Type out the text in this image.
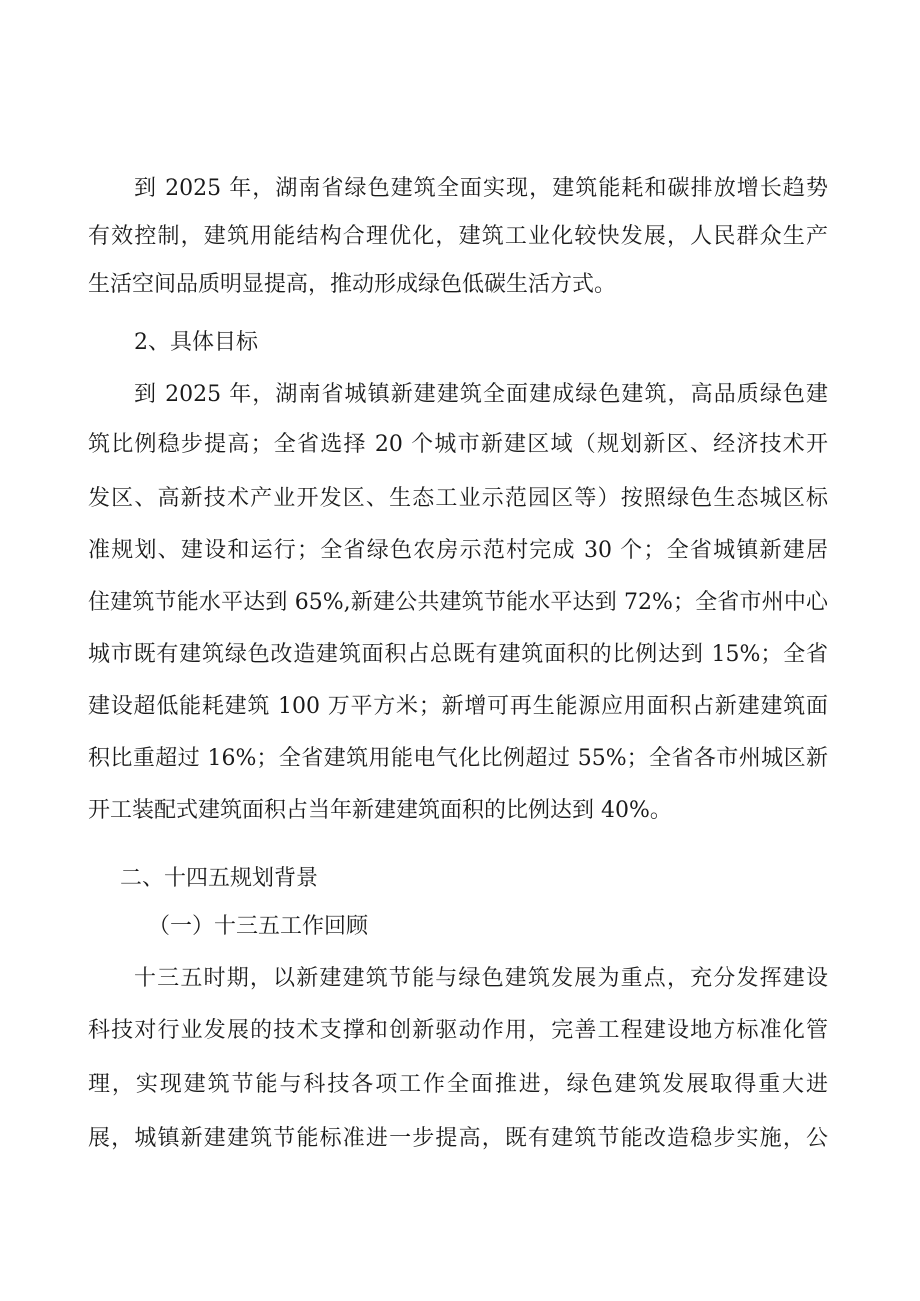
到 2025 年，湖南省绿色建筑全面实现，建筑能耗和碳排放增长趋势
有效控制，建筑用能结构合理优化，建筑工业化较快发展，人民群众生产
生活空间品质明显提高，推动形成绿色低碳生活方式。
2、具体目标
到 2025 年，湖南省城镇新建建筑全面建成绿色建筑，高品质绿色建
筑比例稳步提高；全省选择 20 个城市新建区域（规划新区、经济技术开
发区、高新技术产业开发区、生态工业示范园区等）按照绿色生态城区标
准规划、建设和运行；全省绿色农房示范村完成 30 个；全省城镇新建居
住建筑节能水平达到 65%,新建公共建筑节能水平达到 72%；全省市州中心
城市既有建筑绿色改造建筑面积占总既有建筑面积的比例达到 15%；全省
建设超低能耗建筑 100 万平方米；新增可再生能源应用面积占新建建筑面
积比重超过 16%；全省建筑用能电气化比例超过 55%；全省各市州城区新
开工装配式建筑面积占当年新建建筑面积的比例达到 40%。
二、十四五规划背景
（一）十三五工作回顾
十三五时期，以新建建筑节能与绿色建筑发展为重点，充分发挥建设
科技对行业发展的技术支撑和创新驱动作用，完善工程建设地方标准化管
理，实现建筑节能与科技各项工作全面推进，绿色建筑发展取得重大进
展，城镇新建建筑节能标准进一步提高，既有建筑节能改造稳步实施，公
